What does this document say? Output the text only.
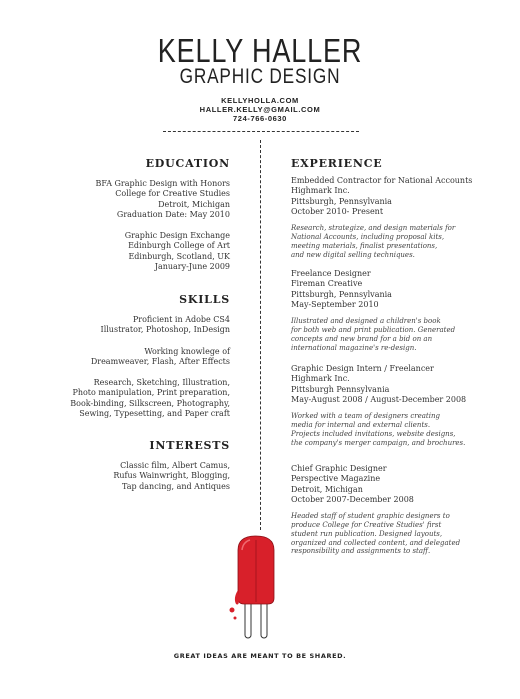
KELLY HALLER
GRAPHIC DESIGN
KELLYHOLLA.COM
HALLER.KELLY@GMAIL.COM
724-766-0630
EDUCATION

BFA Graphic Design with Honors

College for Creative Studies

Detroit, Michigan

Graduation Date: May 2010

Graphic Design Exchange

Edinburgh College of Art

Edinburgh, Scotland, UK

January-June 2009

SKILLS

Proficient in Adobe CS4

Illustrator, Photoshop, InDesign

Working knowlege of

Dreamweaver, Flash, After Effects

Research, Sketching, Illustration,

Photo manipulation, Print preparation,

Book-binding, Silkscreen, Photography,

Sewing, Typesetting, and Paper craft

INTERESTS

Classic film, Albert Camus,

Rufus Wainwright, Blogging,

Tap dancing, and Antiques

EXPERIENCE

Embedded Contractor for National Accounts

Highmark Inc.

Pittsburgh, Pennsylvania

October 2010- Present

Research, strategize, and design materials for

National Accounts, including proposal kits,

meeting materials, finalist presentations,

and new digital selling techniques.

Freelance Designer

Fireman Creative

Pittsburgh, Pennsylvania

May-September 2010

Illustrated and designed a children's book

for both web and print publication. Generated

concepts and new brand for a bid on an

international magazine's re-design.

Graphic Design Intern / Freelancer

Highmark Inc.

Pittsburgh Pennsylvania

May-August 2008 / August-December 2008

Worked with a team of designers creating

media for internal and external clients.

Projects included invitations, website designs,

the company's merger campaign, and brochures.

Chief Graphic Designer

Perspective Magazine

Detroit, Michigan

October 2007-December 2008

Headed staff of student graphic designers to

produce College for Creative Studies' first

student run publication. Designed layouts,

organized and collected content, and delegated

responsibility and assignments to staff.

GREAT IDEAS ARE MEANT TO BE SHARED.
